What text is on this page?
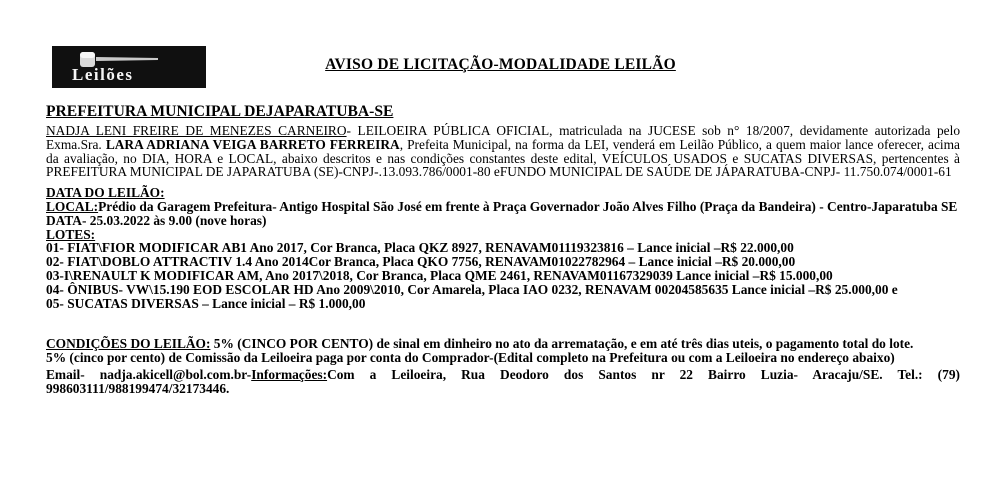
Leilões
AVISO DE LICITAÇÃO-MODALIDADE LEILÃO
PREFEITURA MUNICIPAL DEJAPARATUBA-SE

NADJA LENI FREIRE DE MENEZES CARNEIRO- LEILOEIRA PÚBLICA OFICIAL, matriculada na JUCESE sob n° 18/2007, devidamente autorizada pelo Exma.Sra. LARA ADRIANA VEIGA BARRETO FERREIRA, Prefeita Municipal, na forma da LEI, venderá em Leilão Público, a quem maior lance oferecer, acima da avaliação, no DIA, HORA e LOCAL, abaixo descritos e nas condições constantes deste edital, VEÍCULOS USADOS e SUCATAS DIVERSAS, pertencentes à PREFEITURA MUNICIPAL DE JAPARATUBA (SE)-CNPJ-.13.093.786/0001-80 eFUNDO MUNICIPAL DE SAÚDE DE JÁPARATUBA-CNPJ- 11.750.074/0001-61

DATA DO LEILÃO:

LOCAL:Prédio da Garagem Prefeitura- Antigo Hospital São José em frente à Praça Governador João Alves Filho (Praça da Bandeira) - Centro-Japaratuba SE

DATA- 25.03.2022 às 9.00 (nove horas)
LOTES:
01- FIAT\FIOR MODIFICAR AB1 Ano 2017, Cor Branca, Placa QKZ 8927, RENAVAM01119323816 – Lance inicial –R$ 22.000,00
02- FIAT\DOBLO ATTRACTIV 1.4 Ano 2014Cor Branca, Placa QKO 7756, RENAVAM01022782964 – Lance inicial –R$ 20.000,00
03-I\RENAULT K MODIFICAR AM, Ano 2017\2018, Cor Branca, Placa QME 2461, RENAVAM01167329039 Lance inicial –R$ 15.000,00
04- ÔNIBUS- VW\15.190 EOD ESCOLAR HD Ano 2009\2010, Cor Amarela, Placa IAO 0232, RENAVAM 00204585635 Lance inicial –R$ 25.000,00 e
05- SUCATAS DIVERSAS – Lance inicial – R$ 1.000,00

CONDIÇÕES DO LEILÃO: 5% (CINCO POR CENTO) de sinal em dinheiro no ato da arrematação, e em até três dias uteis, o pagamento total do lote.

5% (cinco por cento) de Comissão da Leiloeira paga por conta do Comprador-(Edital completo na Prefeitura ou com a Leiloeira no endereço abaixo)

Email- nadja.akicell@bol.com.br-Informações:Com a Leiloeira, Rua Deodoro dos Santos nr 22 Bairro Luzia- Aracaju/SE. Tel.: (79)

998603111/988199474/32173446.
